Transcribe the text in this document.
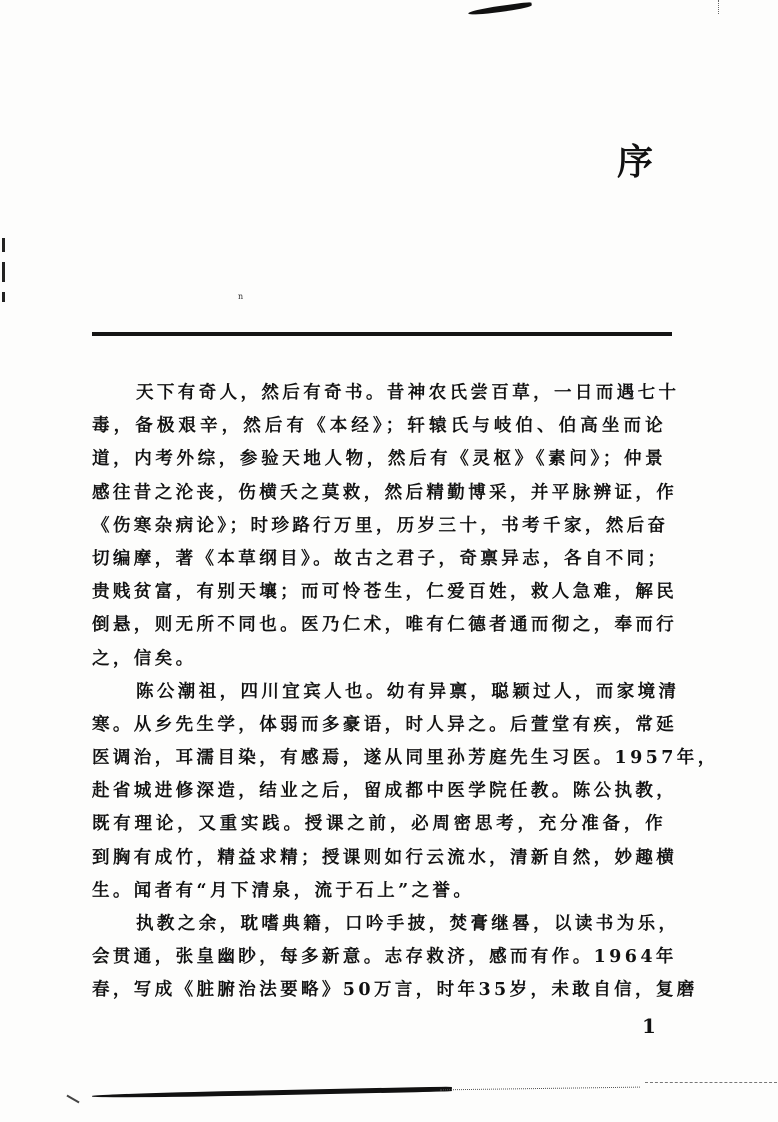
n
序
天下有奇人，然后有奇书。昔神农氏尝百草，一日而遇七十
毒，备极艰辛，然后有《本经》；轩辕氏与岐伯、伯高坐而论
道，内考外综，参验天地人物，然后有《灵枢》《素问》；仲景
感往昔之沦丧，伤横夭之莫救，然后精勤博采，并平脉辨证，作
《伤寒杂病论》；时珍路行万里，历岁三十，书考千家，然后奋
切编摩，著《本草纲目》。故古之君子，奇禀异志，各自不同；
贵贱贫富，有别天壤；而可怜苍生，仁爱百姓，救人急难，解民
倒悬，则无所不同也。医乃仁术，唯有仁德者通而彻之，奉而行
之，信矣。
陈公潮祖，四川宜宾人也。幼有异禀，聪颖过人，而家境清
寒。从乡先生学，体弱而多豪语，时人异之。后萱堂有疾，常延
医调治，耳濡目染，有感焉，遂从同里孙芳庭先生习医。1957年，
赴省城进修深造，结业之后，留成都中医学院任教。陈公执教，
既有理论，又重实践。授课之前，必周密思考，充分准备，作
到胸有成竹，精益求精；授课则如行云流水，清新自然，妙趣横
生。闻者有“月下清泉，流于石上”之誉。
执教之余，耽嗜典籍，口吟手披，焚膏继晷，以读书为乐，
会贯通，张皇幽眇，每多新意。志存救济，感而有作。1964年
春，写成《脏腑治法要略》50万言，时年35岁，未敢自信，复磨
1
